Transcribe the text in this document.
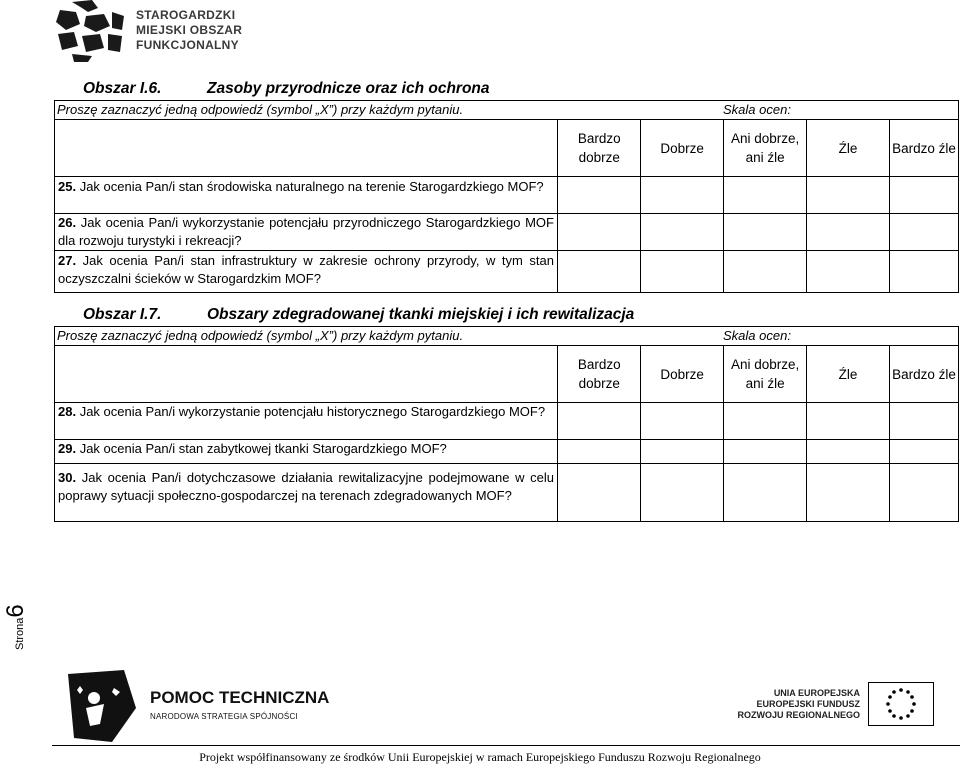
STAROGARDZKI
MIEJSKI OBSZAR
FUNKCJONALNY
Obszar I.6.	Zasoby przyrodnicze oraz ich ochrona
Proszę zaznaczyć jedną odpowiedź (symbol „X”) przy każdym pytaniu. Skala ocen:					

	Bardzo dobrze	Dobrze	Ani dobrze, ani źle	Źle	Bardzo źle

25. Jak ocenia Pan/i stan środowiska naturalnego na terenie Starogardzkiego MOF?
26. Jak ocenia Pan/i wykorzystanie potencjału przyrodniczego Starogardzkiego MOF dla rozwoju turystyki i rekreacji?
27. Jak ocenia Pan/i stan infrastruktury w zakresie ochrony przyrody, w tym stan oczyszczalni ścieków w Starogardzkim MOF?
Obszar I.7.	Obszary zdegradowanej tkanki miejskiej i ich rewitalizacja
Proszę zaznaczyć jedną odpowiedź (symbol „X”) przy każdym pytaniu. Skala ocen:					

	Bardzo dobrze	Dobrze	Ani dobrze, ani źle	Źle	Bardzo źle

28. Jak ocenia Pan/i wykorzystanie potencjału historycznego Starogardzkiego MOF?
29. Jak ocenia Pan/i stan zabytkowej tkanki Starogardzkiego MOF?
30. Jak ocenia Pan/i dotychczasowe działania rewitalizacyjne podejmowane w celu poprawy sytuacji społeczno-gospodarczej na terenach zdegradowanych MOF?
Strona6
POMOC TECHNICZNA
NARODOWA STRATEGIA SPÓJNOŚCI
UNIA EUROPEJSKA
EUROPEJSKI FUNDUSZ
ROZWOJU REGIONALNEGO
Projekt współfinansowany ze środków Unii Europejskiej w ramach Europejskiego Funduszu Rozwoju Regionalnego
